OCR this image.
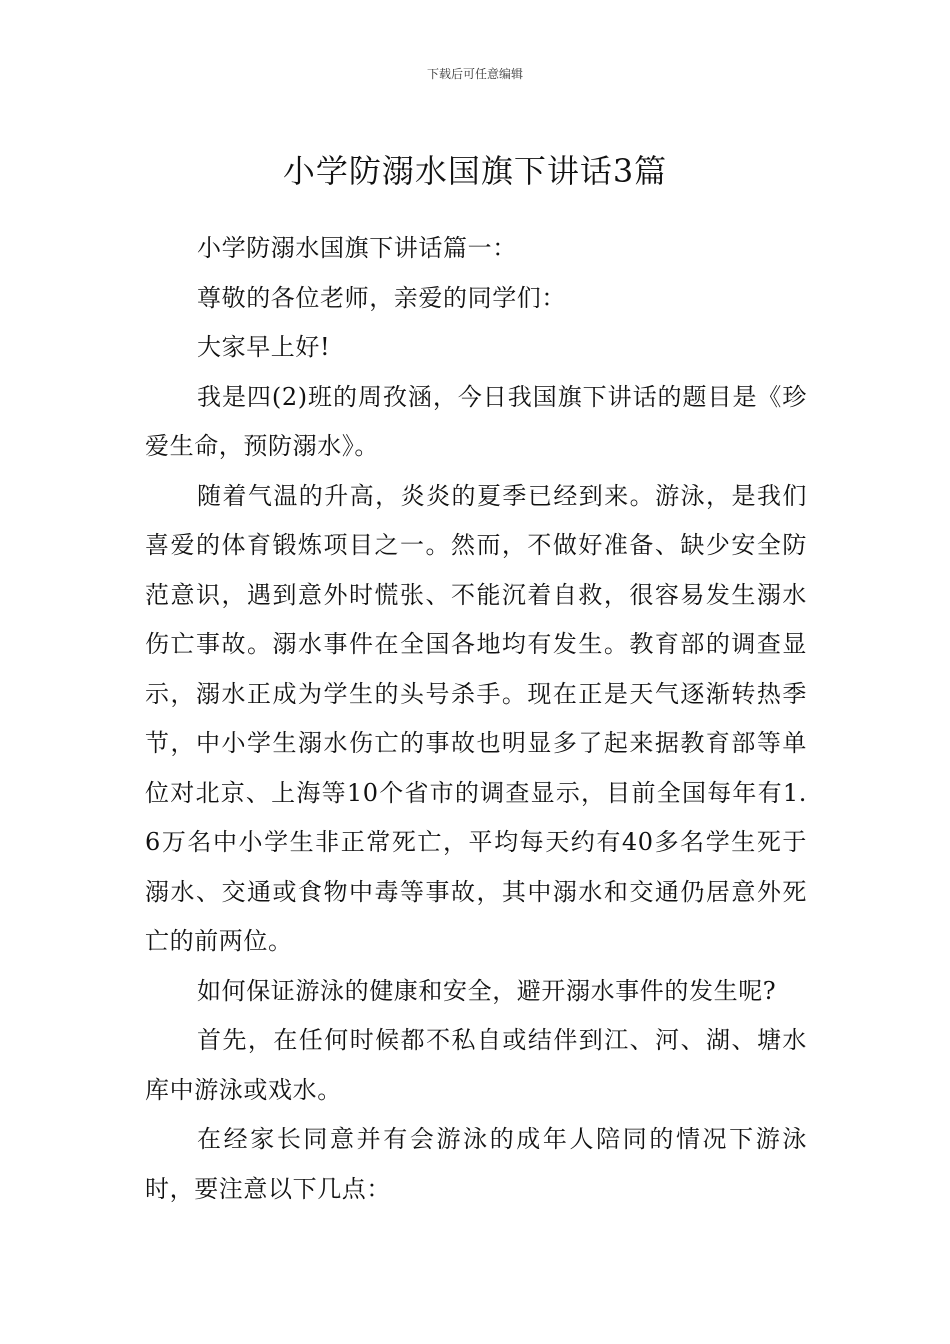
下载后可任意编辑
小学防溺水国旗下讲话3篇

小学防溺水国旗下讲话篇一：

尊敬的各位老师，亲爱的同学们：

大家早上好!

我是四(2)班的周孜涵，今日我国旗下讲话的题目是《珍爱生命，预防溺水》。

随着气温的升高，炎炎的夏季已经到来。游泳，是我们喜爱的体育锻炼项目之一。然而，不做好准备、缺少安全防范意识，遇到意外时慌张、不能沉着自救，很容易发生溺水伤亡事故。溺水事件在全国各地均有发生。教育部的调查显示，溺水正成为学生的头号杀手。现在正是天气逐渐转热季节，中小学生溺水伤亡的事故也明显多了起来据教育部等单位对北京、上海等10个省市的调查显示，目前全国每年有1.6万名中小学生非正常死亡，平均每天约有40多名学生死于溺水、交通或食物中毒等事故，其中溺水和交通仍居意外死亡的前两位。

如何保证游泳的健康和安全，避开溺水事件的发生呢?

首先，在任何时候都不私自或结伴到江、河、湖、塘水库中游泳或戏水。

在经家长同意并有会游泳的成年人陪同的情况下游泳时，要注意以下几点：
